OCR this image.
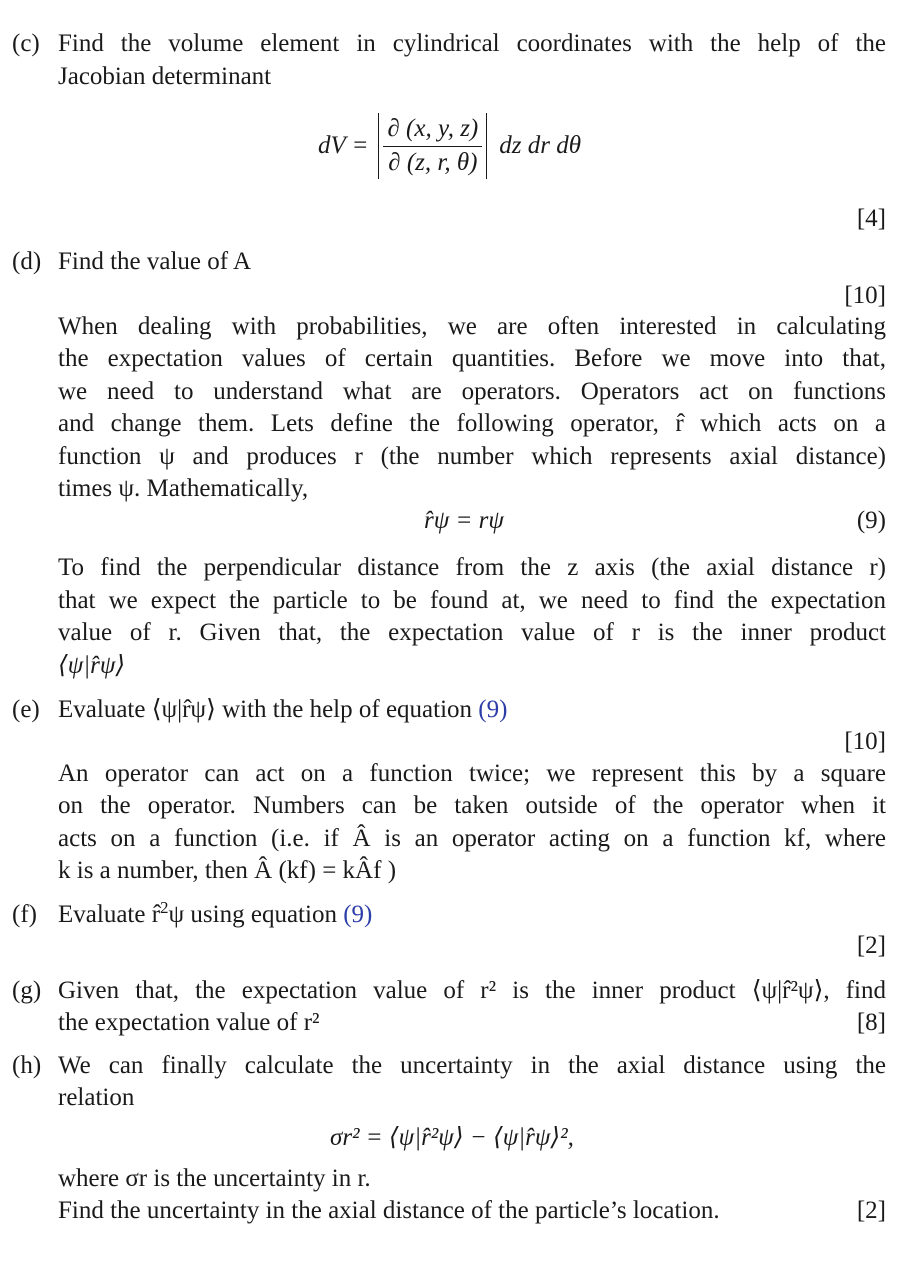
(c) Find the volume element in cylindrical coordinates with the help of the
Jacobian determinant
dV = $\frac{\partial (x, y, z)}{\partial (z, r, \theta)}$ dz dr dθ
[4]
(d) Find the value of A
[10]
When dealing with probabilities, we are often interested in calculating
the expectation values of certain quantities. Before we move into that,
we need to understand what are operators. Operators act on functions
and change them. Lets define the following operator, r̂ which acts on a
function ψ and produces r (the number which represents axial distance)
times ψ. Mathematically,
r̂ψ = rψ	(9)
To find the perpendicular distance from the z axis (the axial distance r)
that we expect the particle to be found at, we need to find the expectation
value of r. Given that, the expectation value of r is the inner product
⟨ψ|r̂ψ⟩
(e) Evaluate ⟨ψ|r̂ψ⟩ with the help of equation (9)
[10]
An operator can act on a function twice; we represent this by a square
on the operator. Numbers can be taken outside of the operator when it
acts on a function (i.e. if Â is an operator acting on a function kf, where
k is a number, then Â (kf) = kÂf )
(f) Evaluate r̂$^2$ψ using equation (9)
[2]
(g) Given that, the expectation value of r² is the inner product ⟨ψ|r̂²ψ⟩, find
the expectation value of r²	[8]
(h) We can finally calculate the uncertainty in the axial distance using the
relation
σr² = ⟨ψ|r̂²ψ⟩ − ⟨ψ|r̂ψ⟩²,
where σr is the uncertainty in r.
Find the uncertainty in the axial distance of the particle’s location.	[2]
